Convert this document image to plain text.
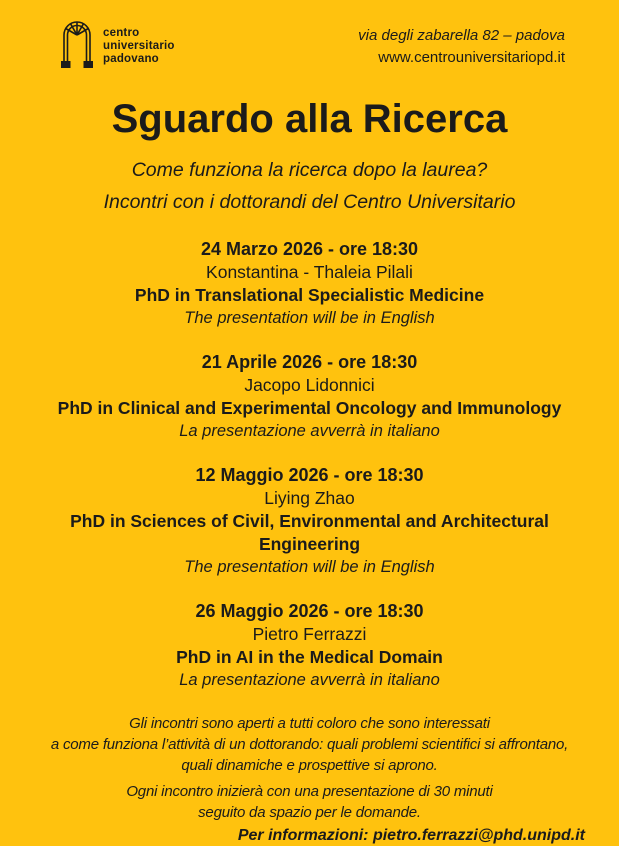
centro
universitario
padovano
via degli zabarella 82 – padova
www.centrouniversitariopd.it
Sguardo alla Ricerca
Come funziona la ricerca dopo la laurea?
Incontri con i dottorandi del Centro Universitario
24 Marzo 2026 - ore 18:30
Konstantina - Thaleia Pilali
PhD in Translational Specialistic Medicine
The presentation will be in English
21 Aprile 2026 - ore 18:30
Jacopo Lidonnici
PhD in Clinical and Experimental Oncology and Immunology
La presentazione avverrà in italiano
12 Maggio 2026 - ore 18:30
Liying Zhao
PhD in Sciences of Civil, Environmental and Architectural
Engineering
The presentation will be in English
26 Maggio 2026 - ore 18:30
Pietro Ferrazzi
PhD in AI in the Medical Domain
La presentazione avverrà in italiano
Gli incontri sono aperti a tutti coloro che sono interessati
a come funziona l’attività di un dottorando: quali problemi scientifici si affrontano,
quali dinamiche e prospettive si aprono.
Ogni incontro inizierà con una presentazione di 30 minuti
seguito da spazio per le domande.
Per informazioni: pietro.ferrazzi@phd.unipd.it
